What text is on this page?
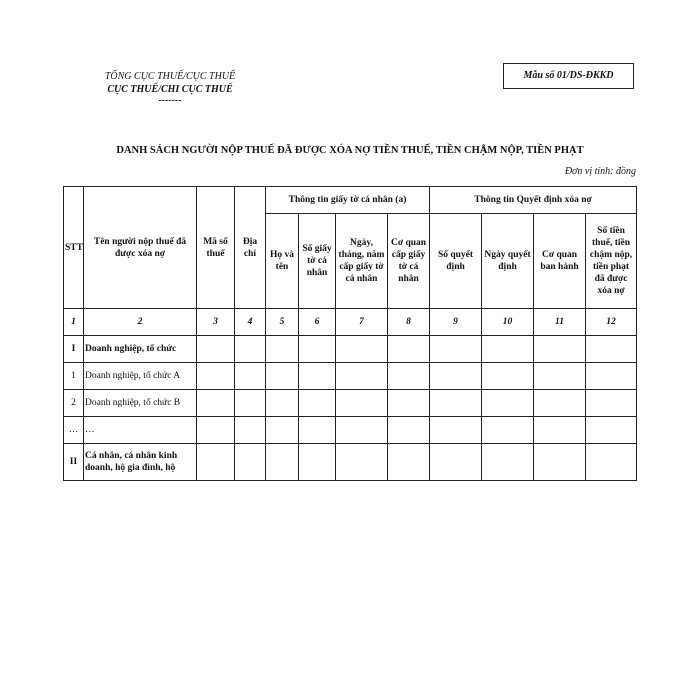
TỔNG CỤC THUẾ/CỤC THUẾ
CỤC THUẾ/CHI CỤC THUẾ
-------
Mẫu số 01/DS-ĐKKD
DANH SÁCH NGƯỜI NỘP THUẾ ĐÃ ĐƯỢC XÓA NỢ TIỀN THUẾ, TIỀN CHẬM NỘP, TIỀN PHẠT
Đơn vị tính: đồng
STT	Tên người nộp thuế đã được xóa nợ	Mã số thuế	Địa chỉ	Thông tin giấy tờ cá nhân (a)				Thông tin Quyết định xóa nợ			
				Họ và tên	Số giấy tờ cá nhân	Ngày, tháng, năm cấp giấy tờ cá nhân	Cơ quan cấp giấy tờ cá nhân	Số quyết định	Ngày quyết định	Cơ quan ban hành	Số tiền thuế, tiền chậm nộp, tiền phạt đã được xóa nợ
1	2	3	4	5	6	7	8	9	10	11	12
I	Doanh nghiệp, tổ chức										
1	Doanh nghiệp, tổ chức A										
2	Doanh nghiệp, tổ chức B										
…	…										
II	Cá nhân, cá nhân kinh doanh, hộ gia đình, hộ										
